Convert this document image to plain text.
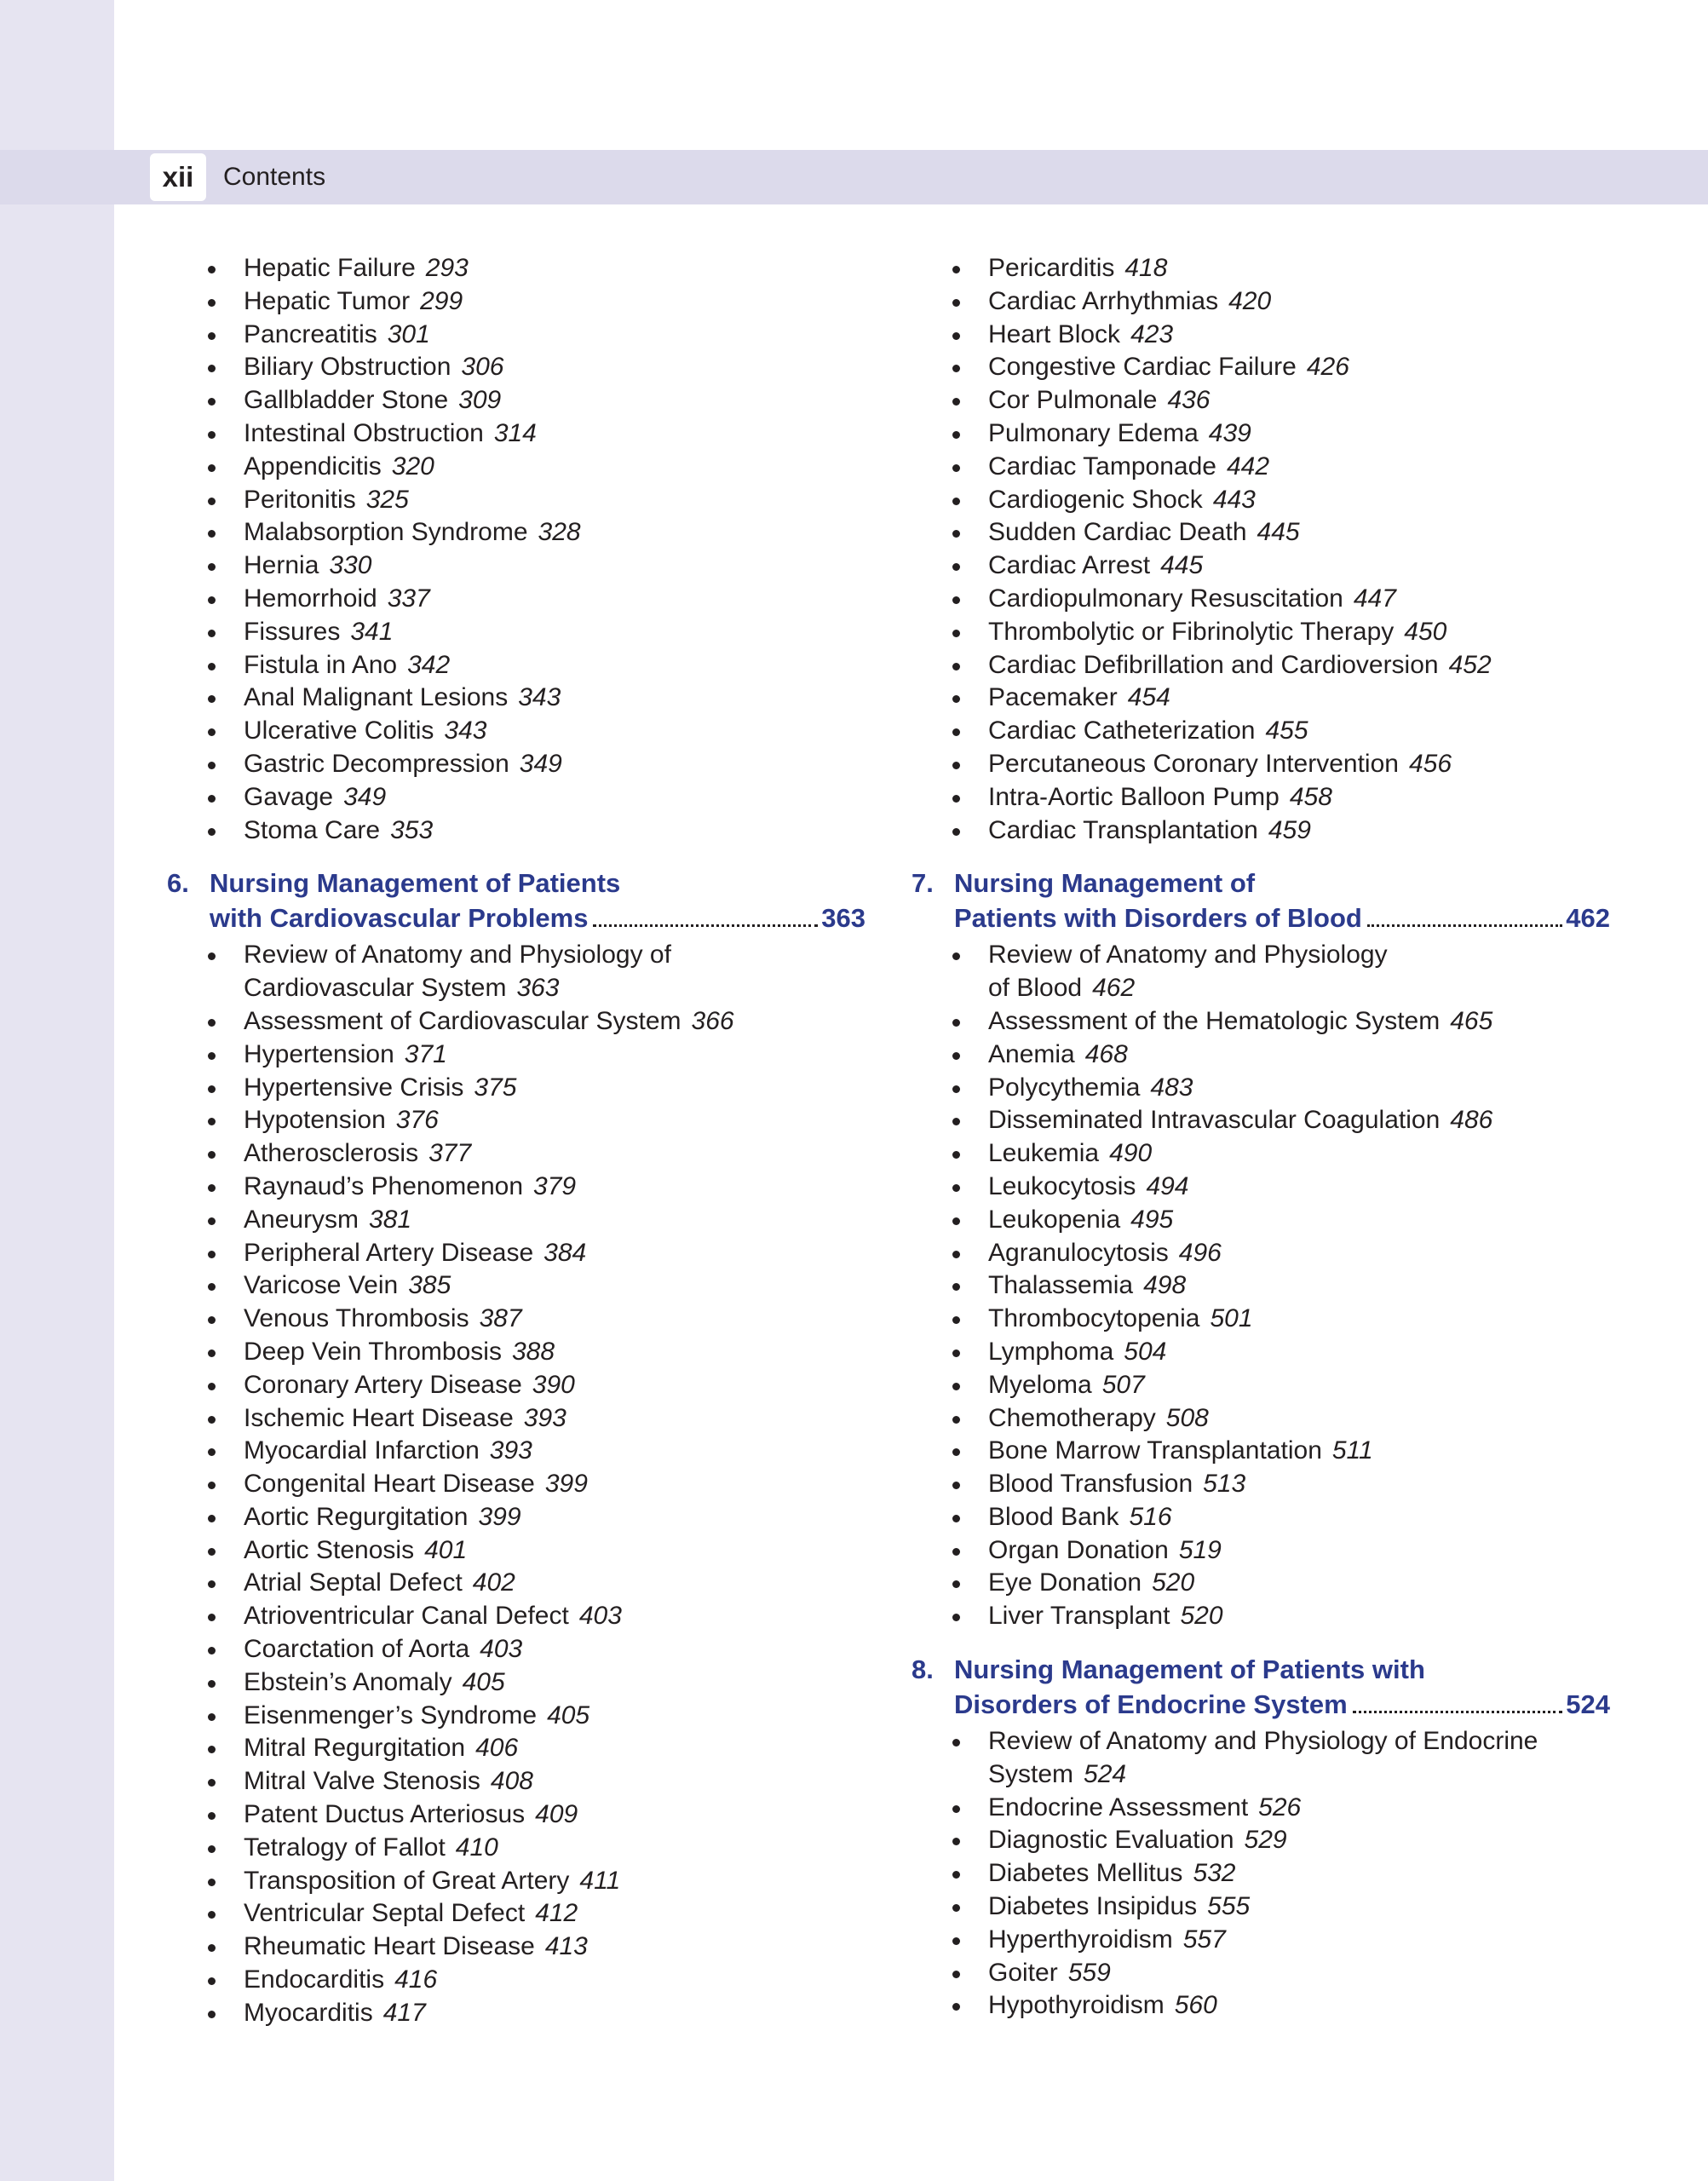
xii	Contents
Hepatic Failure 293
Hepatic Tumor 299
Pancreatitis 301
Biliary Obstruction 306
Gallbladder Stone 309
Intestinal Obstruction 314
Appendicitis 320
Peritonitis 325
Malabsorption Syndrome 328
Hernia 330
Hemorrhoid 337
Fissures 341
Fistula in Ano 342
Anal Malignant Lesions 343
Ulcerative Colitis 343
Gastric Decompression 349
Gavage 349
Stoma Care 353
6. Nursing Management of Patients
with Cardiovascular Problems	363
Review of Anatomy and Physiology of
Cardiovascular System 363
Assessment of Cardiovascular System 366
Hypertension 371
Hypertensive Crisis 375
Hypotension 376
Atherosclerosis 377
Raynaud’s Phenomenon 379
Aneurysm 381
Peripheral Artery Disease 384
Varicose Vein 385
Venous Thrombosis 387
Deep Vein Thrombosis 388
Coronary Artery Disease 390
Ischemic Heart Disease 393
Myocardial Infarction 393
Congenital Heart Disease 399
Aortic Regurgitation 399
Aortic Stenosis 401
Atrial Septal Defect 402
Atrioventricular Canal Defect 403
Coarctation of Aorta 403
Ebstein’s Anomaly 405
Eisenmenger’s Syndrome 405
Mitral Regurgitation 406
Mitral Valve Stenosis 408
Patent Ductus Arteriosus 409
Tetralogy of Fallot 410
Transposition of Great Artery 411
Ventricular Septal Defect 412
Rheumatic Heart Disease 413
Endocarditis 416
Myocarditis 417
Pericarditis 418
Cardiac Arrhythmias 420
Heart Block 423
Congestive Cardiac Failure 426
Cor Pulmonale 436
Pulmonary Edema 439
Cardiac Tamponade 442
Cardiogenic Shock 443
Sudden Cardiac Death 445
Cardiac Arrest 445
Cardiopulmonary Resuscitation 447
Thrombolytic or Fibrinolytic Therapy 450
Cardiac Defibrillation and Cardioversion 452
Pacemaker 454
Cardiac Catheterization 455
Percutaneous Coronary Intervention 456
Intra-Aortic Balloon Pump 458
Cardiac Transplantation 459
7. Nursing Management of
Patients with Disorders of Blood	462
Review of Anatomy and Physiology
of Blood 462
Assessment of the Hematologic System 465
Anemia 468
Polycythemia 483
Disseminated Intravascular Coagulation 486
Leukemia 490
Leukocytosis 494
Leukopenia 495
Agranulocytosis 496
Thalassemia 498
Thrombocytopenia 501
Lymphoma 504
Myeloma 507
Chemotherapy 508
Bone Marrow Transplantation 511
Blood Transfusion 513
Blood Bank 516
Organ Donation 519
Eye Donation 520
Liver Transplant 520
8. Nursing Management of Patients with
Disorders of Endocrine System	524
Review of Anatomy and Physiology of Endocrine
System 524
Endocrine Assessment 526
Diagnostic Evaluation 529
Diabetes Mellitus 532
Diabetes Insipidus 555
Hyperthyroidism 557
Goiter 559
Hypothyroidism 560
